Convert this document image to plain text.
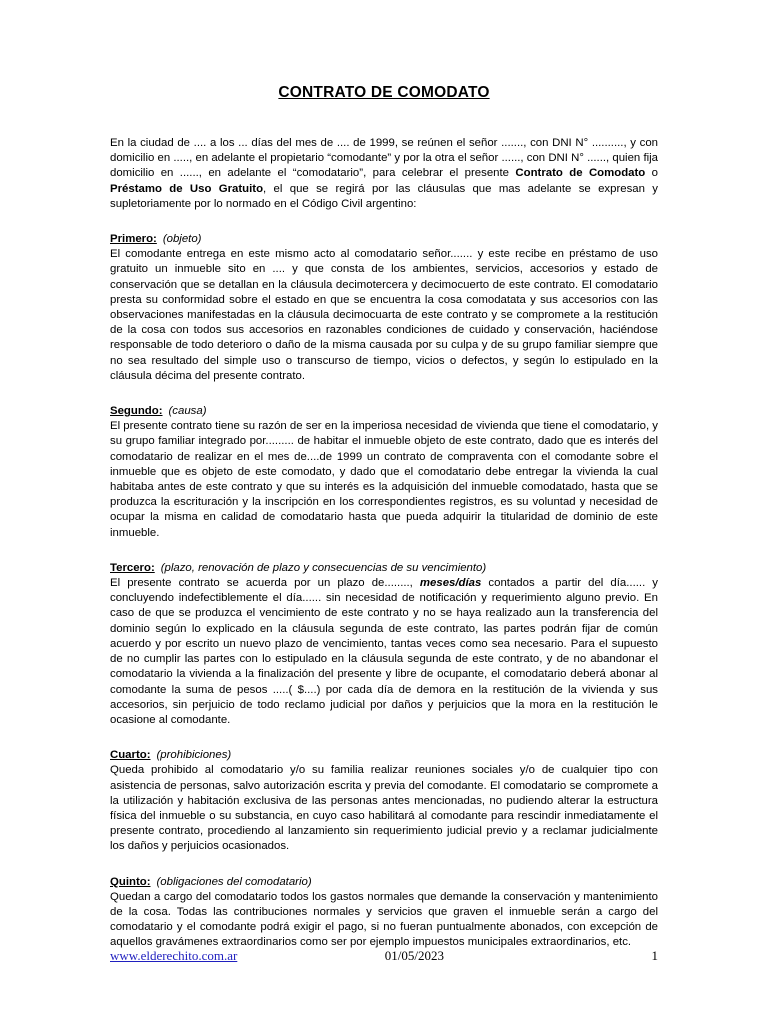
CONTRATO DE COMODATO

En la ciudad de .... a los ... días del mes de .... de 1999, se reúnen el señor ......., con DNI N° .........., y con domicilio en ....., en adelante el propietario “comodante” y por la otra el señor ......, con DNI N° ......, quien fija domicilio en ......, en adelante el “comodatario”, para celebrar el presente Contrato de Comodato o Préstamo de Uso Gratuito, el que se regirá por las cláusulas que mas adelante se expresan y supletoriamente por lo normado en el Código Civil argentino:

Primero: (objeto)
El comodante entrega en este mismo acto al comodatario señor....... y este recibe en préstamo de uso gratuito un inmueble sito en .... y que consta de los ambientes, servicios, accesorios y estado de conservación que se detallan en la cláusula decimotercera y decimocuerto de este contrato. El comodatario presta su conformidad sobre el estado en que se encuentra la cosa comodatata y sus accesorios con las observaciones manifestadas en la cláusula decimocuarta de este contrato y se compromete a la restitución de la cosa con todos sus accesorios en razonables condiciones de cuidado y conservación, haciéndose responsable de todo deterioro o daño de la misma causada por su culpa y de su grupo familiar siempre que no sea resultado del simple uso o transcurso de tiempo, vicios o defectos, y según lo estipulado en la cláusula décima del presente contrato.

Segundo: (causa)
El presente contrato tiene su razón de ser en la imperiosa necesidad de vivienda que tiene el comodatario, y su grupo familiar integrado por......... de habitar el inmueble objeto de este contrato, dado que es interés del comodatario de realizar en el mes de....de 1999 un contrato de compraventa con el comodante sobre el inmueble que es objeto de este comodato, y dado que el comodatario debe entregar la vivienda la cual habitaba antes de este contrato y que su interés es la adquisición del inmueble comodatado, hasta que se produzca la escrituración y la inscripción en los correspondientes registros, es su voluntad y necesidad de ocupar la misma en calidad de comodatario hasta que pueda adquirir la titularidad de dominio de este inmueble.

Tercero: (plazo, renovación de plazo y consecuencias de su vencimiento)
El presente contrato se acuerda por un plazo de........, meses/días contados a partir del día...... y concluyendo indefectiblemente el día...... sin necesidad de notificación y requerimiento alguno previo. En caso de que se produzca el vencimiento de este contrato y no se haya realizado aun la transferencia del dominio según lo explicado en la cláusula segunda de este contrato, las partes podrán fijar de común acuerdo y por escrito un nuevo plazo de vencimiento, tantas veces como sea necesario. Para el supuesto de no cumplir las partes con lo estipulado en la cláusula segunda de este contrato, y de no abandonar el comodatario la vivienda a la finalización del presente y libre de ocupante, el comodatario deberá abonar al comodante la suma de pesos .....( $....) por cada día de demora en la restitución de la vivienda y sus accesorios, sin perjuicio de todo reclamo judicial por daños y perjuicios que la mora en la restitución le ocasione al comodante.

Cuarto: (prohibiciones)
Queda prohibido al comodatario y/o su familia realizar reuniones sociales y/o de cualquier tipo con asistencia de personas, salvo autorización escrita y previa del comodante. El comodatario se compromete a la utilización y habitación exclusiva de las personas antes mencionadas, no pudiendo alterar la estructura física del inmueble o su substancia, en cuyo caso habilitará al comodante para rescindir inmediatamente el presente contrato, procediendo al lanzamiento sin requerimiento judicial previo y a reclamar judicialmente los daños y perjuicios ocasionados.

Quinto: (obligaciones del comodatario)
Quedan a cargo del comodatario todos los gastos normales que demande la conservación y mantenimiento de la cosa. Todas las contribuciones normales y servicios que graven el inmueble serán a cargo del comodatario y el comodante podrá exigir el pago, si no fueran puntualmente abonados, con excepción de aquellos gravámenes extraordinarios como ser por ejemplo impuestos municipales extraordinarios, etc.

www.elderechito.com.ar	01/05/2023	1
